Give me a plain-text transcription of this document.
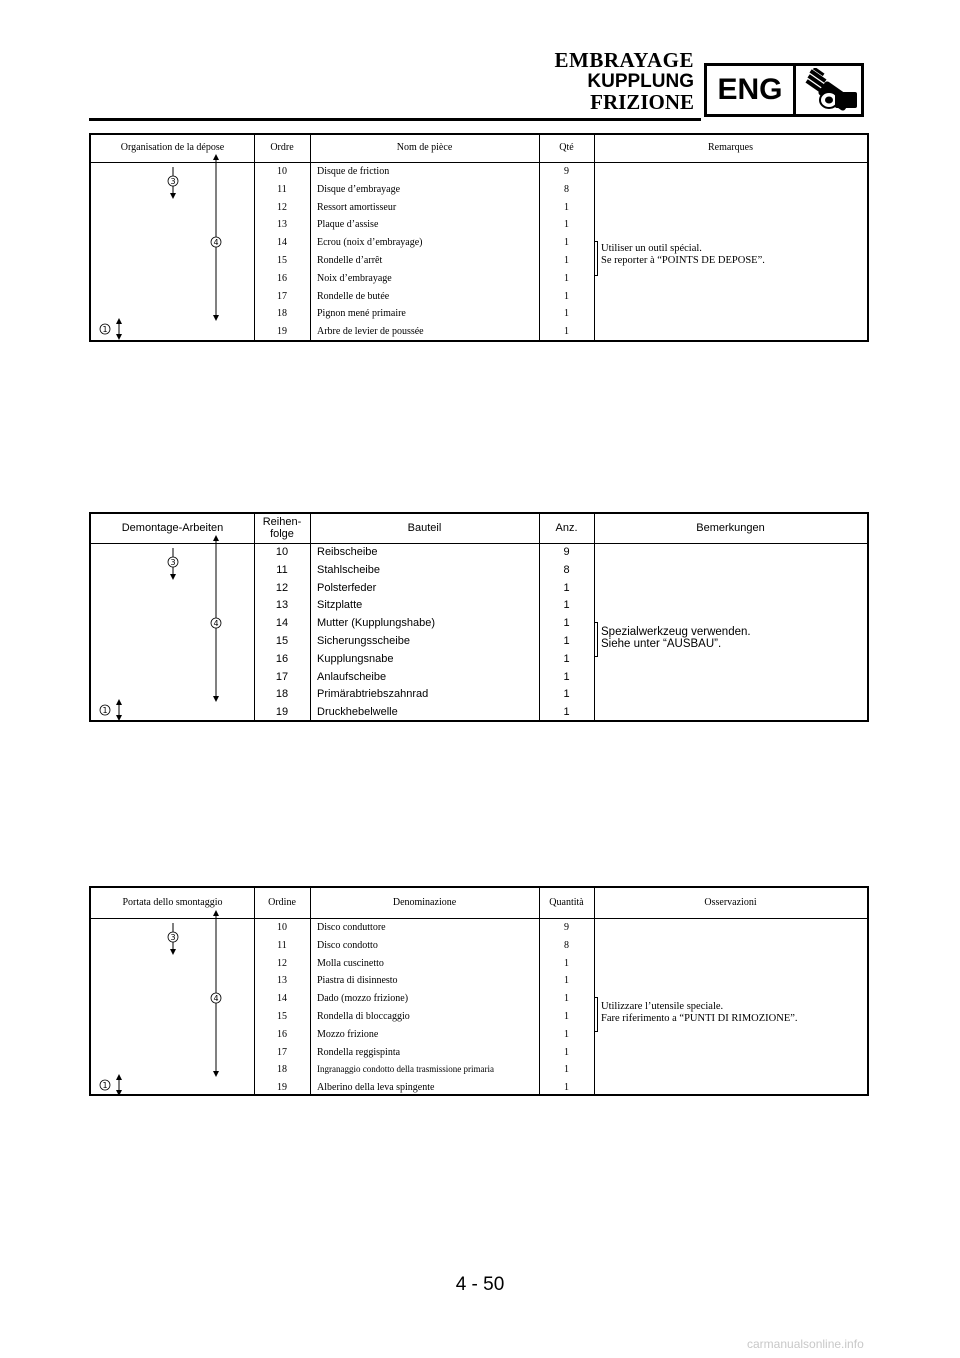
EMBRAYAGE
KUPPLUNG
FRIZIONE ENG
Organisation de la dépose	Ordre	Nom de pièce	Qté	Remarques
3
4
1
10	Disque de friction	9
11	Disque d’embrayage	8
12	Ressort amortisseur	1
13	Plaque d’assise	1
14	Ecrou (noix d’embrayage)	1
15	Rondelle d’arrêt	1
16	Noix d’embrayage	1
17	Rondelle de butée	1
18	Pignon mené primaire	1
19	Arbre de levier de poussée	1
Utiliser un outil spécial.
Se reporter à “POINTS DE DEPOSE”.
Demontage-Arbeiten	Reihen-
folge	Bauteil	Anz.	Bemerkungen
3
4
1
10	Reibscheibe	9
11	Stahlscheibe	8
12	Polsterfeder	1
13	Sitzplatte	1
14	Mutter (Kupplungshabe)	1
15	Sicherungsscheibe	1
16	Kupplungsnabe	1
17	Anlaufscheibe	1
18	Primärabtriebszahnrad	1
19	Druckhebelwelle	1
Spezialwerkzeug verwenden.
Siehe unter “AUSBAU”.
Portata dello smontaggio	Ordine	Denominazione	Quantità	Osservazioni
3
4
1
10	Disco conduttore	9
11	Disco condotto	8
12	Molla cuscinetto	1
13	Piastra di disinnesto	1
14	Dado (mozzo frizione)	1
15	Rondella di bloccaggio	1
16	Mozzo frizione	1
17	Rondella reggispinta	1
18	Ingranaggio condotto della trasmissione primaria	1
19	Alberino della leva spingente	1
Utilizzare l’utensile speciale.
Fare riferimento a “PUNTI DI RIMOZIONE”.
4 - 50
carmanualsonline.info
